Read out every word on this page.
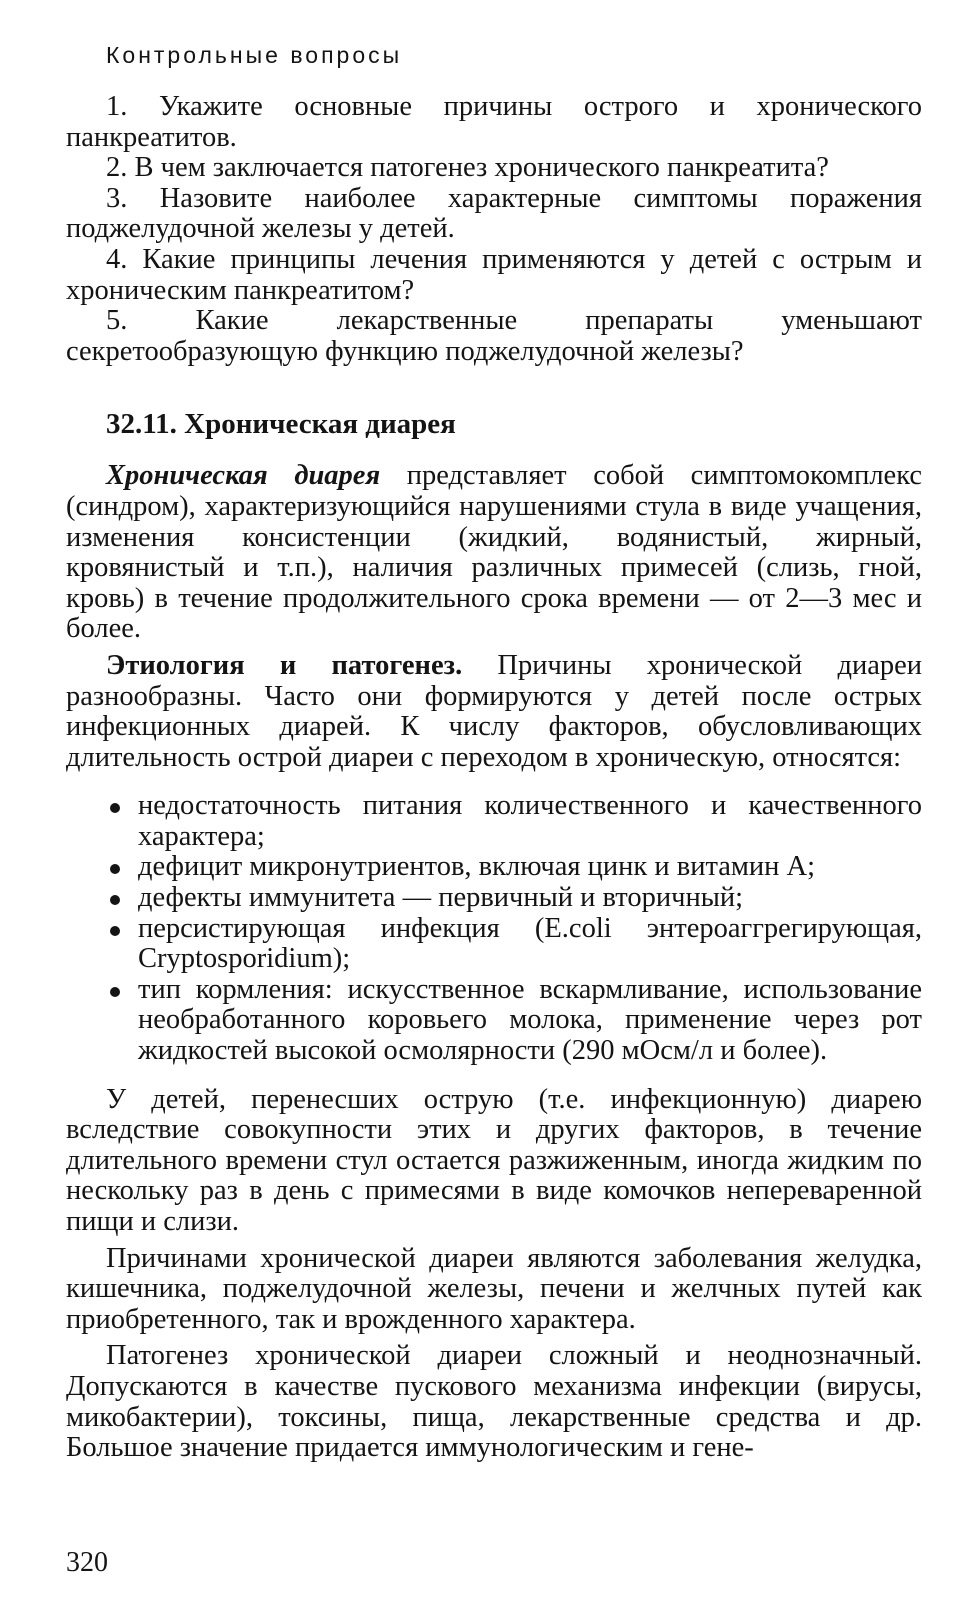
Контрольные вопросы

1. Укажите основные причины острого и хронического панкреатитов.

2. В чем заключается патогенез хронического панкреатита?

3. Назовите наиболее характерные симптомы поражения поджелудочной железы у детей.

4. Какие принципы лечения применяются у детей с острым и хроническим панкреатитом?

5. Какие лекарственные препараты уменьшают секретообразующую функцию поджелудочной железы?

32.11. Хроническая диарея

Хроническая диарея представляет собой симптомокомплекс (синдром), характеризующийся нарушениями стула в виде учащения, изменения консистенции (жидкий, водянистый, жирный, кровянистый и т.п.), наличия различных примесей (слизь, гной, кровь) в течение продолжительного срока времени — от 2—3 мес и более.

Этиология и патогенез. Причины хронической диареи разнообразны. Часто они формируются у детей после острых инфекционных диарей. К числу факторов, обусловливающих длительность острой диареи с переходом в хроническую, относятся:

недостаточность питания количественного и качественного характера;
дефицит микронутриентов, включая цинк и витамин А;
дефекты иммунитета — первичный и вторичный;
персистирующая инфекция (E.coli энтероаггрегирующая, Cryptosporidium);
тип кормления: искусственное вскармливание, использование необработанного коровьего молока, применение через рот жидкостей высокой осмолярности (290 мОсм/л и более).

У детей, перенесших острую (т.е. инфекционную) диарею вследствие совокупности этих и других факторов, в течение длительного времени стул остается разжиженным, иногда жидким по нескольку раз в день с примесями в виде комочков непереваренной пищи и слизи.

Причинами хронической диареи являются заболевания желудка, кишечника, поджелудочной железы, печени и желчных путей как приобретенного, так и врожденного характера.

Патогенез хронической диареи сложный и неоднозначный. Допускаются в качестве пускового механизма инфекции (вирусы, микобактерии), токсины, пища, лекарственные средства и др. Большое значение придается иммунологическим и гене-

320
